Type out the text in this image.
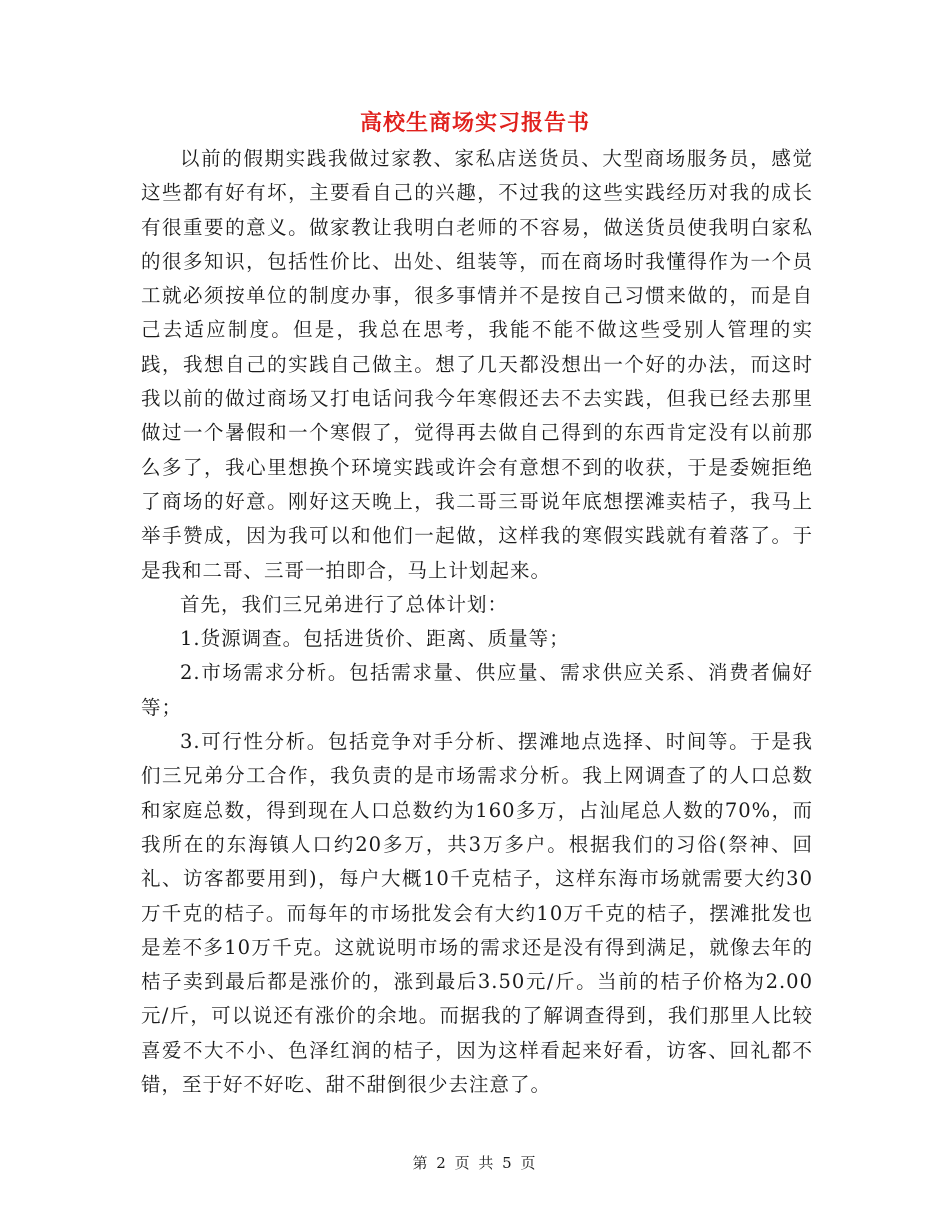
高校生商场实习报告书

以前的假期实践我做过家教、家私店送货员、大型商场服务员，感觉这些都有好有坏，主要看自己的兴趣，不过我的这些实践经历对我的成长有很重要的意义。做家教让我明白老师的不容易，做送货员使我明白家私的很多知识，包括性价比、出处、组装等，而在商场时我懂得作为一个员工就必须按单位的制度办事，很多事情并不是按自己习惯来做的，而是自己去适应制度。但是，我总在思考，我能不能不做这些受别人管理的实践，我想自己的实践自己做主。想了几天都没想出一个好的办法，而这时我以前的做过商场又打电话问我今年寒假还去不去实践，但我已经去那里做过一个暑假和一个寒假了，觉得再去做自己得到的东西肯定没有以前那么多了，我心里想换个环境实践或许会有意想不到的收获，于是委婉拒绝了商场的好意。刚好这天晚上，我二哥三哥说年底想摆滩卖桔子，我马上举手赞成，因为我可以和他们一起做，这样我的寒假实践就有着落了。于是我和二哥、三哥一拍即合，马上计划起来。

首先，我们三兄弟进行了总体计划：

1.货源调查。包括进货价、距离、质量等；

2.市场需求分析。包括需求量、供应量、需求供应关系、消费者偏好等；

3.可行性分析。包括竞争对手分析、摆滩地点选择、时间等。于是我们三兄弟分工合作，我负责的是市场需求分析。我上网调查了的人口总数和家庭总数，得到现在人口总数约为160多万，占汕尾总人数的70%，而我所在的东海镇人口约20多万，共3万多户。根据我们的习俗(祭神、回礼、访客都要用到)，每户大概10千克桔子，这样东海市场就需要大约30万千克的桔子。而每年的市场批发会有大约10万千克的桔子，摆滩批发也是差不多10万千克。这就说明市场的需求还是没有得到满足，就像去年的桔子卖到最后都是涨价的，涨到最后3.50元/斤。当前的桔子价格为2.00元/斤，可以说还有涨价的余地。而据我的了解调查得到，我们那里人比较喜爱不大不小、色泽红润的桔子，因为这样看起来好看，访客、回礼都不错，至于好不好吃、甜不甜倒很少去注意了。

第 2 页 共 5 页
